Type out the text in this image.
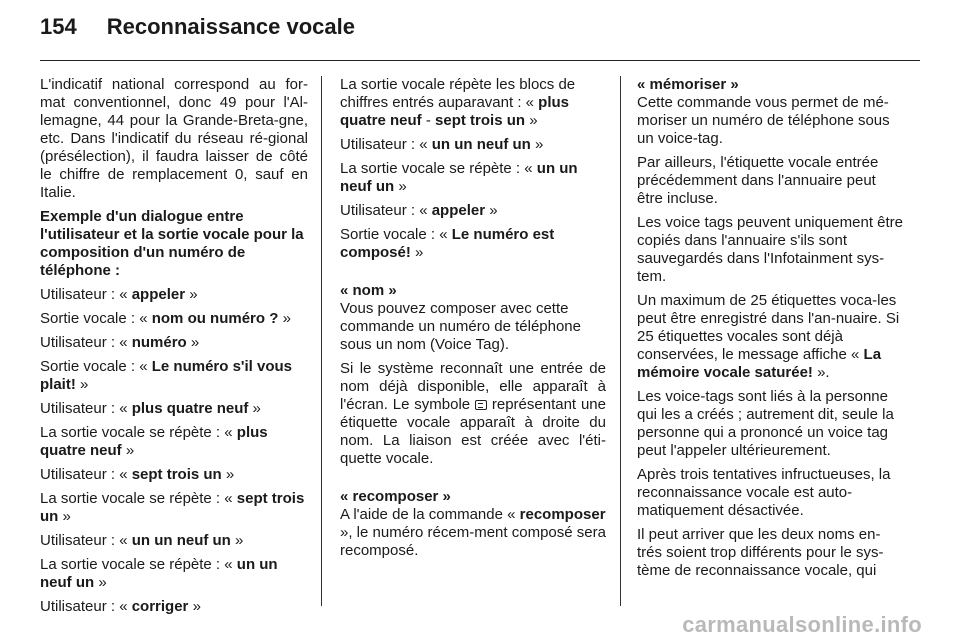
154 Reconnaissance vocale

L'indicatif national correspond au for-mat conventionnel, donc 49 pour l'Al-lemagne, 44 pour la Grande-Breta-gne, etc. Dans l'indicatif du réseau ré-gional (présélection), il faudra laisser de côté le chiffre de remplacement 0, sauf en Italie.

Exemple d'un dialogue entre l'utilisateur et la sortie vocale pour la composition d'un numéro de téléphone :

Utilisateur : « appeler »

Sortie vocale : « nom ou numéro ? »

Utilisateur : « numéro »

Sortie vocale : « Le numéro s'il vous plait! »

Utilisateur : « plus quatre neuf »

La sortie vocale se répète : « plus quatre neuf »

Utilisateur : « sept trois un »

La sortie vocale se répète : « sept trois un »

Utilisateur : « un un neuf un »

La sortie vocale se répète : « un un neuf un »

Utilisateur : « corriger »

La sortie vocale répète les blocs de chiffres entrés auparavant : « plus quatre neuf - sept trois un »

Utilisateur : « un un neuf un »

La sortie vocale se répète : « un un neuf un »

Utilisateur : « appeler »

Sortie vocale : « Le numéro est composé! »

« nom »

Vous pouvez composer avec cette commande un numéro de téléphone sous un nom (Voice Tag).

Si le système reconnaît une entrée de nom déjà disponible, elle apparaît à l'écran. Le symbole  représentant une étiquette vocale apparaît à droite du nom. La liaison est créée avec l'éti-quette vocale.

« recomposer »

A l'aide de la commande « recomposer », le numéro récem-ment composé sera recomposé.

« mémoriser »

Cette commande vous permet de mé-moriser un numéro de téléphone sous un voice-tag.

Par ailleurs, l'étiquette vocale entrée précédemment dans l'annuaire peut être incluse.

Les voice tags peuvent uniquement être copiés dans l'annuaire s'ils sont sauvegardés dans l'Infotainment sys-tem.

Un maximum de 25 étiquettes voca-les peut être enregistré dans l'an-nuaire. Si 25 étiquettes vocales sont déjà conservées, le message affiche « La mémoire vocale saturée! ».

Les voice-tags sont liés à la personne qui les a créés ; autrement dit, seule la personne qui a prononcé un voice tag peut l'appeler ultérieurement.

Après trois tentatives infructueuses, la reconnaissance vocale est auto-matiquement désactivée.

Il peut arriver que les deux noms en-trés soient trop différents pour le sys-tème de reconnaissance vocale, qui

carmanualsonline.info
